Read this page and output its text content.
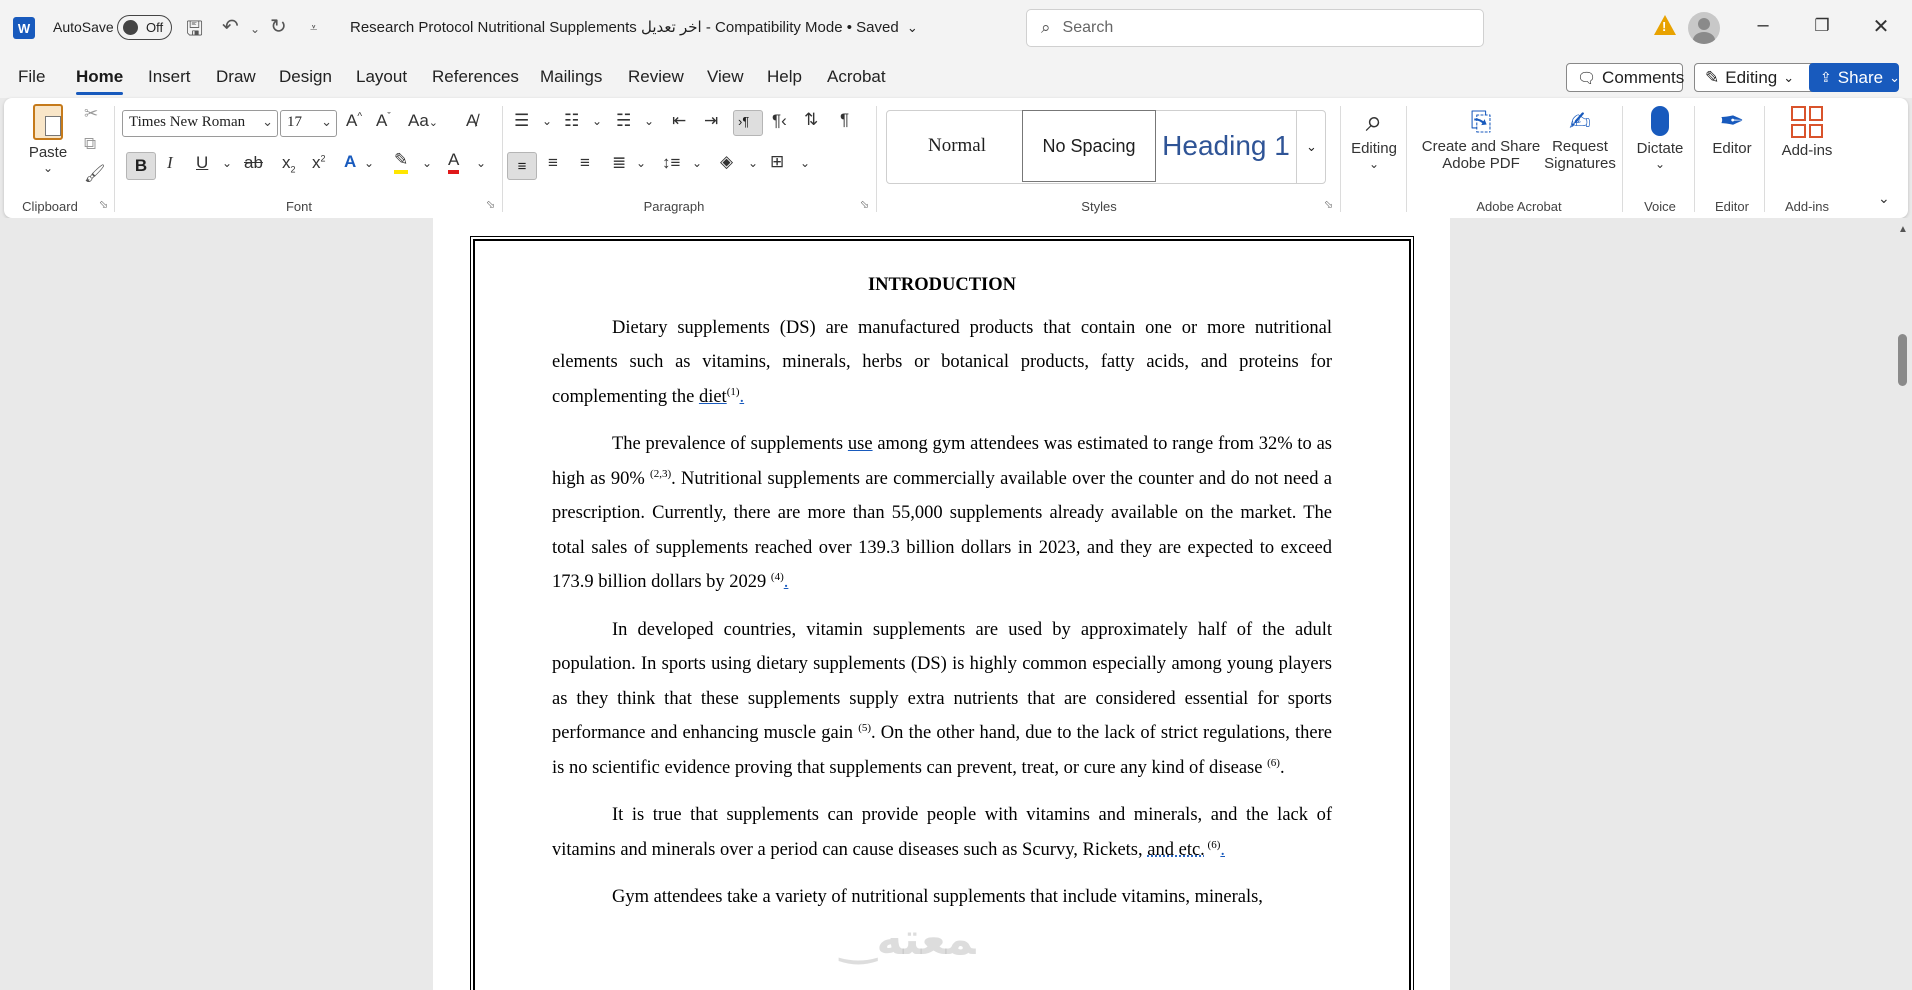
W	AutoSave Off 🖫 ↶ ⌄ ↻ ⩡ Research Protocol Nutritional Supplements اخر تعديل - Compatibility Mode • Saved ⌄	⌕ Search	!	–	❐	✕
File Home Insert Draw Design Layout References Mailings Review View Help Acrobat	🗨 Comments ✎ Editing ⌄ ⇪ Share ⌄
Paste
⌄
✂
⧉
🖌
Clipboard ⬂
Times New Roman ⌄ 17 ⌄ A^ $A^ˇ$ Aa⌄ A̸
B	I U ⌄ ab $x_2$ $x^2$ A ⌄ ✎ ⌄ A ⌄
Font	⬂
☰ ⌄ ☷ ⌄ ☵ ⌄ ⇤ ⇥	›¶	¶‹ ⇅ ¶
≡	≡ ≡ ≣ ⌄ ↕≡ ⌄ ◈ ⌄ ⊞ ⌄
Paragraph	⬂
Normal	No Spacing Heading 1	⌄
Styles	⬂
⌕
Editing
⌄
⎘
Create and Share
Adobe PDF
✍
Request
Signatures
Adobe Acrobat
Dictate
⌄
Voice
✒
Editor
Editor
Add-ins
Add-ins
⌄
INTRODUCTION

Dietary supplements (DS) are manufactured products that contain one or more nutritional elements such as vitamins, minerals, herbs or botanical products, fatty acids, and proteins for complementing the diet$^{(1)}$.

The prevalence of supplements use among gym attendees was estimated to range from 32% to as high as 90% $^{(2,3)}$. Nutritional supplements are commercially available over the counter and do not need a prescription. Currently, there are more than 55,000 supplements already available on the market. The total sales of supplements reached over 139.3 billion dollars in 2023, and they are expected to exceed 173.9 billion dollars by 2029 $^{(4)}$.

In developed countries, vitamin supplements are used by approximately half of the adult population. In sports using dietary supplements (DS) is highly common especially among young players as they think that these supplements supply extra nutrients that are considered essential for sports performance and enhancing muscle gain $^{(5)}$. On the other hand, due to the lack of strict regulations, there is no scientific evidence proving that supplements can prevent, treat, or cure any kind of disease $^{(6)}$.

It is true that supplements can provide people with vitamins and minerals, and the lack of vitamins and minerals over a period can cause diseases such as Scurvy, Rickets, and etc. $^{(6)}$.

Gym attendees take a variety of nutritional supplements that include vitamins, minerals,

‿ﻤﻌﺘﻪ
▲
